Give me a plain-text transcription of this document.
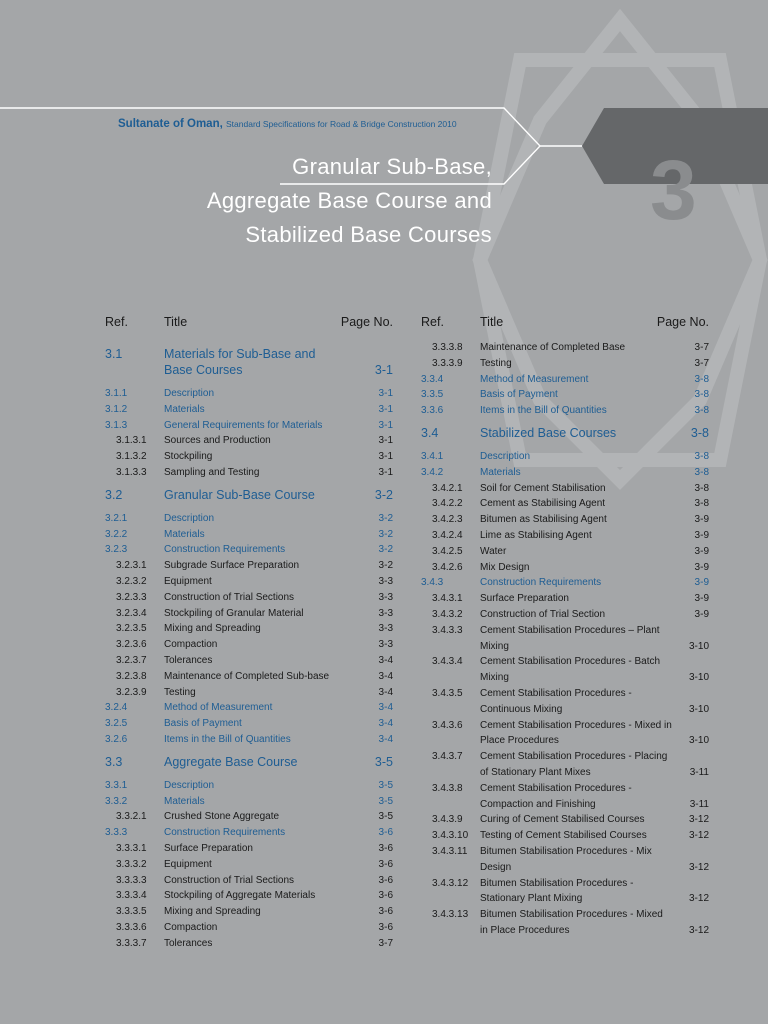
Sultanate of Oman, Standard Specifications for Road & Bridge Construction 2010
Granular Sub-Base,
Aggregate Base Course and
Stabilized Base Courses 3
Ref.	Title	Page No.
3.1	Materials for Sub-Base and Base Courses	3-1
3.1.1	Description	3-1
3.1.2	Materials	3-1
3.1.3	General Requirements for Materials	3-1
3.1.3.1 Sources and Production	3-1
3.1.3.2 Stockpiling	3-1
3.1.3.3 Sampling and Testing	3-1
3.2	Granular Sub-Base Course	3-2
3.2.1	Description	3-2
3.2.2	Materials	3-2
3.2.3	Construction Requirements	3-2
3.2.3.1 Subgrade Surface Preparation	3-2
3.2.3.2 Equipment	3-3
3.2.3.3 Construction of Trial Sections	3-3
3.2.3.4 Stockpiling of Granular Material	3-3
3.2.3.5 Mixing and Spreading	3-3
3.2.3.6 Compaction	3-3
3.2.3.7 Tolerances	3-4
3.2.3.8 Maintenance of Completed Sub-base	3-4
3.2.3.9 Testing	3-4
3.2.4	Method of Measurement	3-4
3.2.5	Basis of Payment	3-4
3.2.6	Items in the Bill of Quantities	3-4
3.3	Aggregate Base Course	3-5
3.3.1	Description	3-5
3.3.2	Materials	3-5
3.3.2.1 Crushed Stone Aggregate	3-5
3.3.3	Construction Requirements	3-6
3.3.3.1 Surface Preparation	3-6
3.3.3.2 Equipment	3-6
3.3.3.3 Construction of Trial Sections	3-6
3.3.3.4 Stockpiling of Aggregate Materials	3-6
3.3.3.5 Mixing and Spreading	3-6
3.3.3.6 Compaction	3-6
3.3.3.7 Tolerances	3-7
Ref.	Title	Page No.
3.3.3.8 Maintenance of Completed Base	3-7
3.3.3.9 Testing	3-7
3.3.4	Method of Measurement	3-8
3.3.5	Basis of Payment	3-8
3.3.6	Items in the Bill of Quantities	3-8
3.4	Stabilized Base Courses	3-8
3.4.1	Description	3-8
3.4.2	Materials	3-8
3.4.2.1 Soil for Cement Stabilisation	3-8
3.4.2.2 Cement as Stabilising Agent	3-8
3.4.2.3 Bitumen as Stabilising Agent	3-9
3.4.2.4 Lime as Stabilising Agent	3-9
3.4.2.5 Water	3-9
3.4.2.6 Mix Design	3-9
3.4.3	Construction Requirements	3-9
3.4.3.1 Surface Preparation	3-9
3.4.3.2 Construction of Trial Section	3-9
3.4.3.3 Cement Stabilisation Procedures – Plant Mixing	3-10
3.4.3.4 Cement Stabilisation Procedures - Batch Mixing	3-10
3.4.3.5 Cement Stabilisation Procedures - Continuous Mixing	3-10
3.4.3.6 Cement Stabilisation Procedures - Mixed in Place Procedures	3-10
3.4.3.7 Cement Stabilisation Procedures - Placing of Stationary Plant Mixes	3-11
3.4.3.8 Cement Stabilisation Procedures - Compaction and Finishing	3-11
3.4.3.9 Curing of Cement Stabilised Courses	3-12
3.4.3.10 Testing of Cement Stabilised Courses	3-12
3.4.3.11 Bitumen Stabilisation Procedures - Mix Design	3-12
3.4.3.12 Bitumen Stabilisation Procedures - Stationary Plant Mixing	3-12
3.4.3.13 Bitumen Stabilisation Procedures - Mixed in Place Procedures	3-12
